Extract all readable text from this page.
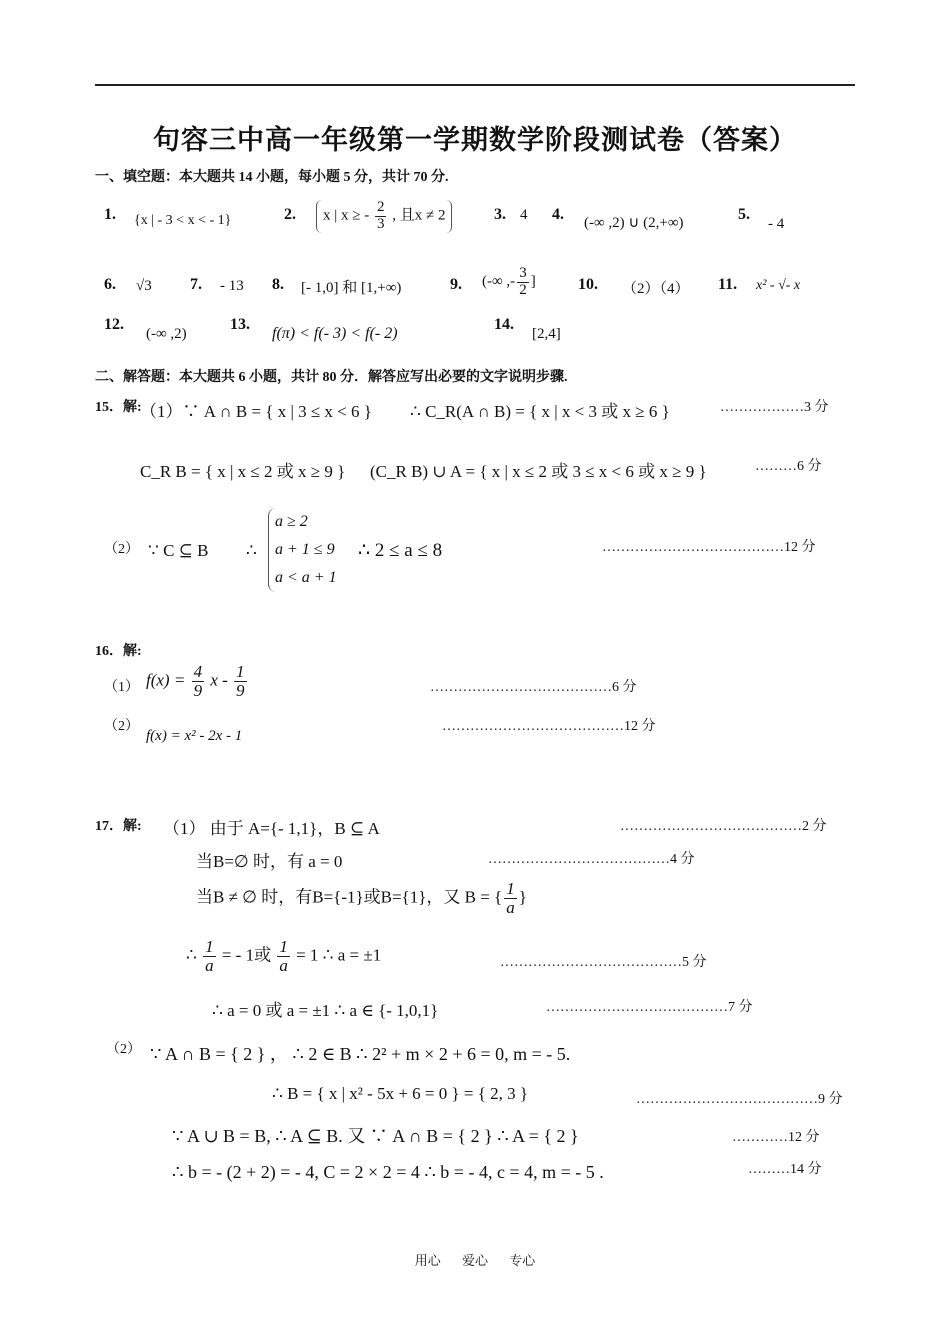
句容三中高一年级第一学期数学阶段测试卷（答案）
一、填空题：本大题共 14 小题，每小题 5 分，共计 70 分.
1. {x | - 3 < x < - 1}	2.	x | x ≥ - $\frac{2}{3}$ , 且x ≠ 2	3. 4 4. (-∞ ,2) ∪ (2,+∞)	5.
- 4
6. √3 7. - 13 8. [- 1,0] 和 [1,+∞)	9. (-∞ ,- $\frac{3}{2}$ ]	10. （2）（4） 11. x² - √- x
12.
(-∞ ,2)
13.
f(π) < f(- 3) < f(- 2)
14.
[2,4]
二、解答题：本大题共 6 小题，共计 80 分．解答应写出必要的文字说明步骤.
15．解:
（1）∵ A ∩ B = { x | 3 ≤ x < 6 } ∴ C_R(A ∩ B) = { x | x < 3 或 x ≥ 6 }	………………3 分
C_R B = { x | x ≤ 2 或 x ≥ 9 } (C_R B) ∪ A = { x | x ≤ 2 或 3 ≤ x < 6 或 x ≥ 9 }	………6 分
（2） ∵ C ⊆ B ∴
a ≥ 2
a + 1 ≤ 9
a < a + 1
∴ 2 ≤ a ≤ 8	…………………………………12 分
16．解:
（1） $f(x) = \frac{4}{9}$ x - $\frac{1}{9}$	…………………………………6 分
（2）
f(x) = x² - 2x - 1
…………………………………12 分
17．解: （1） 由于 A={- 1,1}，B ⊆ A	…………………………………2 分
当B=∅ 时，有 a = 0	…………………………………4 分
当B ≠ ∅ 时，有B={-1}或B={1}，又 B = { $\frac{1}{a}$ }
∴ $\frac{1}{a}$ = - 1或 $\frac{1}{a} = 1$ ∴ a = ±1	…………………………………5 分
∴ a = 0 或 a = ±1 ∴ a ∈ {- 1,0,1}	…………………………………7 分
（2） ∵ A ∩ B = { 2 } ， ∴ 2 ∈ B ∴ 2² + m × 2 + 6 = 0, m = - 5.
∴ B = { x | x² - 5x + 6 = 0 } = { 2, 3 }	…………………………………9 分
∵ A ∪ B = B, ∴ A ⊆ B. 又 ∵ A ∩ B = { 2 } ∴ A = { 2 }	…………12 分
∴ b = - (2 + 2) = - 4, C = 2 × 2 = 4 ∴ b = - 4, c = 4, m = - 5 .	………14 分
用心 爱心 专心
